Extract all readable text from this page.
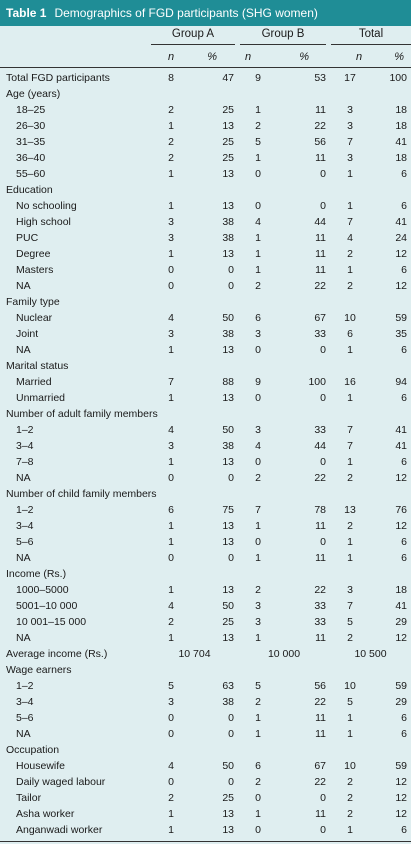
Table 1 Demographics of FGD participants (SHG women)
Group A	Group B	Total
n	%	n	%	n	%
Total FGD participants	8	47	9	53	17	100
Age (years)						
18–25	2	25	1	11	3	18
26–30	1	13	2	22	3	18
31–35	2	25	5	56	7	41
36–40	2	25	1	11	3	18
55–60	1	13	0	0	1	6
Education						
No schooling	1	13	0	0	1	6
High school	3	38	4	44	7	41
PUC	3	38	1	11	4	24
Degree	1	13	1	11	2	12
Masters	0	0	1	11	1	6
NA	0	0	2	22	2	12
Family type						
Nuclear	4	50	6	67	10	59
Joint	3	38	3	33	6	35
NA	1	13	0	0	1	6
Marital status						
Married	7	88	9	100	16	94
Unmarried	1	13	0	0	1	6
Number of adult family members						
1–2	4	50	3	33	7	41
3–4	3	38	4	44	7	41
7–8	1	13	0	0	1	6
NA	0	0	2	22	2	12
Number of child family members						
1–2	6	75	7	78	13	76
3–4	1	13	1	11	2	12
5–6	1	13	0	0	1	6
NA	0	0	1	11	1	6
Income (Rs.)						
1000–5000	1	13	2	22	3	18
5001–10 000	4	50	3	33	7	41
10 001–15 000	2	25	3	33	5	29
NA	1	13	1	11	2	12
Average income (Rs.)	10 704		10 000		10 500	
Wage earners						
1–2	5	63	5	56	10	59
3–4	3	38	2	22	5	29
5–6	0	0	1	11	1	6
NA	0	0	1	11	1	6
Occupation						
Housewife	4	50	6	67	10	59
Daily waged labour	0	0	2	22	2	12
Tailor	2	25	0	0	2	12
Asha worker	1	13	1	11	2	12
Anganwadi worker	1	13	0	0	1	6
